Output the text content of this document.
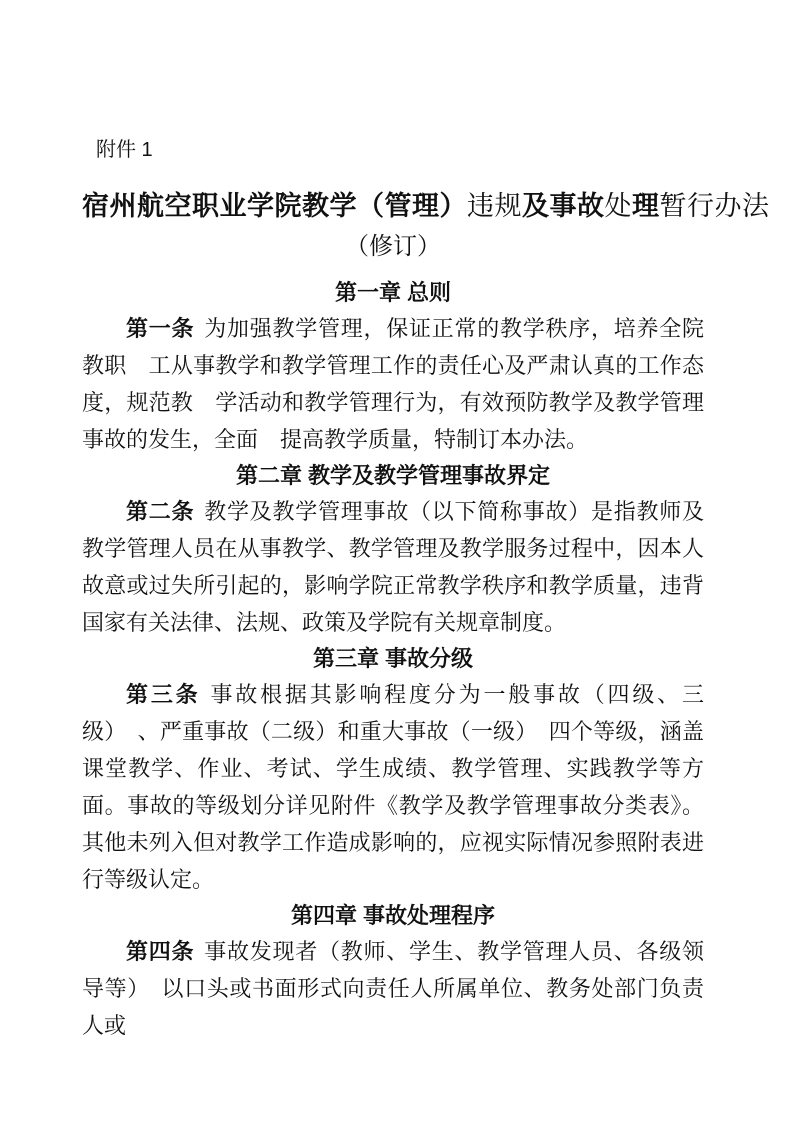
附件 1
宿州航空职业学院教学（管理）违规及事故处理暂行办法
（修订）
第一章 总则

第一条 为加强教学管理，保证正常的教学秩序，培养全院教职　工从事教学和教学管理工作的责任心及严肃认真的工作态度，规范教　学活动和教学管理行为，有效预防教学及教学管理事故的发生，全面　提高教学质量，特制订本办法。

第二章 教学及教学管理事故界定

第二条 教学及教学管理事故（以下简称事故）是指教师及教学管理人员在从事教学、教学管理及教学服务过程中，因本人故意或过失所引起的，影响学院正常教学秩序和教学质量，违背国家有关法律、法规、政策及学院有关规章制度。

第三章 事故分级

第三条 事故根据其影响程度分为一般事故（四级、三级）　、严重事故（二级）和重大事故（一级）　四个等级，涵盖课堂教学、作业、考试、学生成绩、教学管理、实践教学等方面。事故的等级划分详见附件《教学及教学管理事故分类表》。其他未列入但对教学工作造成影响的，应视实际情况参照附表进行等级认定。

第四章 事故处理程序

第四条 事故发现者（教师、学生、教学管理人员、各级领导等）　以口头或书面形式向责任人所属单位、教务处部门负责人或
